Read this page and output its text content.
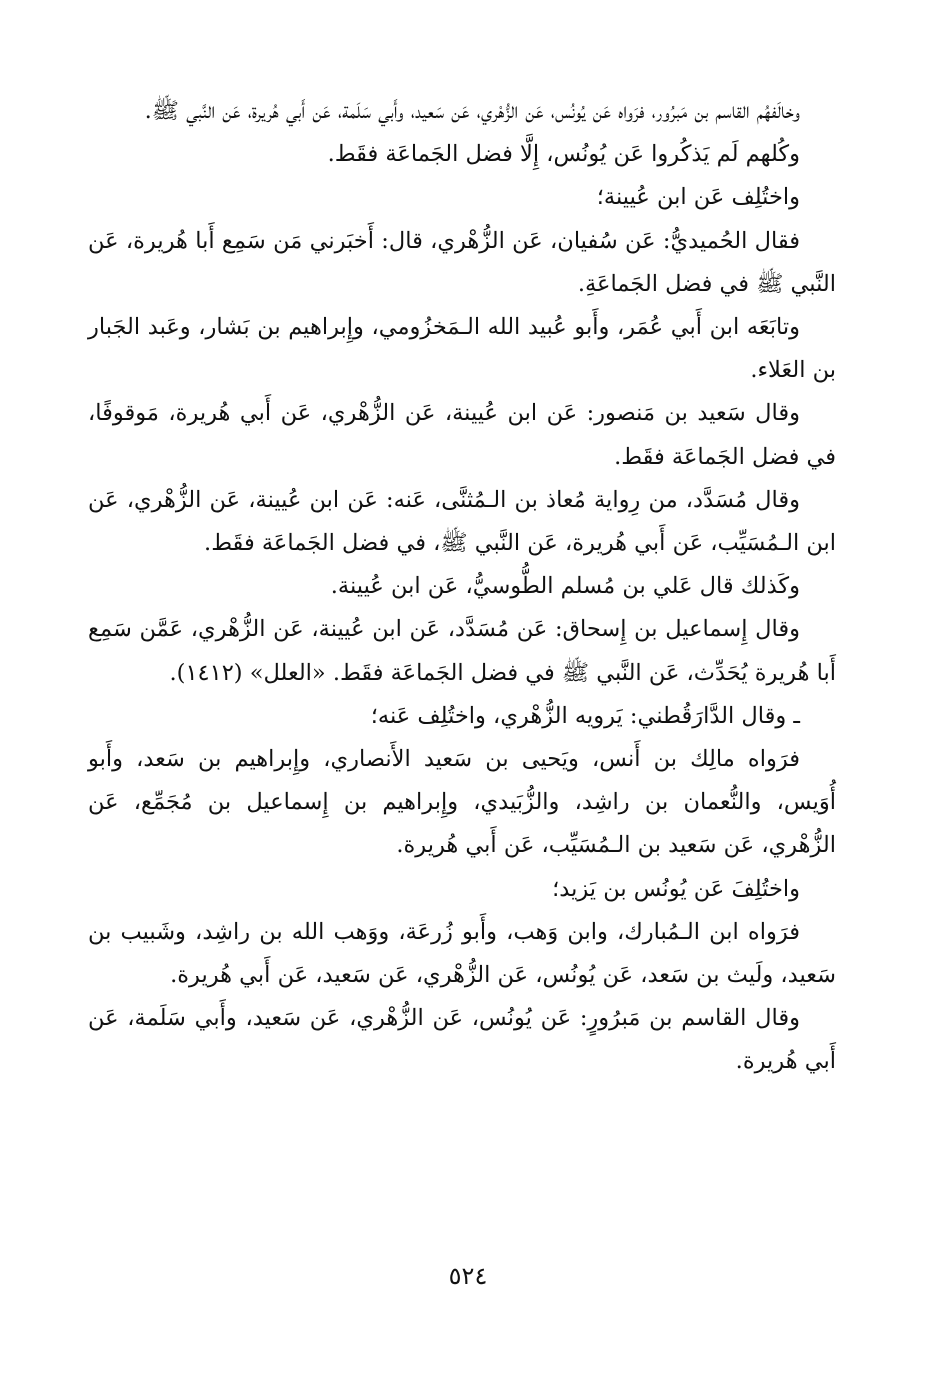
وخالَفهُم القاسم بن مَبرُور، فرَواه عَن يُونُس، عَن الزُّهْري، عَن سَعيد، وأَبي سَلَمة، عَن أَبي هُريرة، عَن النَّبي ﷺ.

وكُلهم لَم يَذكُروا عَن يُونُس، إِلَّا فضل الجَماعَة فقَط.

واختُلِف عَن ابن عُيينة؛

فقال الحُميديُّ: عَن سُفيان، عَن الزُّهْري، قال: أَخبَرني مَن سَمِع أَبا هُريرة، عَن النَّبي ﷺ في فضل الجَماعَةِ.

وتابَعَه ابن أَبي عُمَر، وأَبو عُبيد الله الـمَخزُومي، وإِبراهيم بن بَشار، وعَبد الجَبار بن العَلاء.

وقال سَعيد بن مَنصور: عَن ابن عُيينة، عَن الزُّهْري، عَن أَبي هُريرة، مَوقوفًا، في فضل الجَماعَة فقَط.

وقال مُسَدَّد، من رِواية مُعاذ بن الـمُثنَّى، عَنه: عَن ابن عُيينة، عَن الزُّهْري، عَن ابن الـمُسَيِّب، عَن أَبي هُريرة، عَن النَّبي ﷺ، في فضل الجَماعَة فقَط.

وكَذلك قال عَلي بن مُسلم الطُّوسيُّ، عَن ابن عُيينة.

وقال إِسماعيل بن إِسحاق: عَن مُسَدَّد، عَن ابن عُيينة، عَن الزُّهْري، عَمَّن سَمِع أَبا هُريرة يُحَدِّث، عَن النَّبي ﷺ في فضل الجَماعَة فقَط. «العلل» (١٤١٢).

ـ وقال الدَّارَقُطني: يَرويه الزُّهْري، واختُلِف عَنه؛

فرَواه مالِك بن أَنس، ويَحيى بن سَعيد الأَنصاري، وإِبراهيم بن سَعد، وأَبو أُوَيس، والنُّعمان بن راشِد، والزُّبَيدي، وإِبراهيم بن إِسماعيل بن مُجَمِّع، عَن الزُّهْري، عَن سَعيد بن الـمُسَيِّب، عَن أَبي هُريرة.

واختُلِفَ عَن يُونُس بن يَزيد؛

فرَواه ابن الـمُبارك، وابن وَهب، وأَبو زُرعَة، ووَهب الله بن راشِد، وشَبيب بن سَعيد، ولَيث بن سَعد، عَن يُونُس، عَن الزُّهْري، عَن سَعيد، عَن أَبي هُريرة.

وقال القاسم بن مَبرُورٍ: عَن يُونُس، عَن الزُّهْري، عَن سَعيد، وأَبي سَلَمة، عَن أَبي هُريرة.

٥٢٤
